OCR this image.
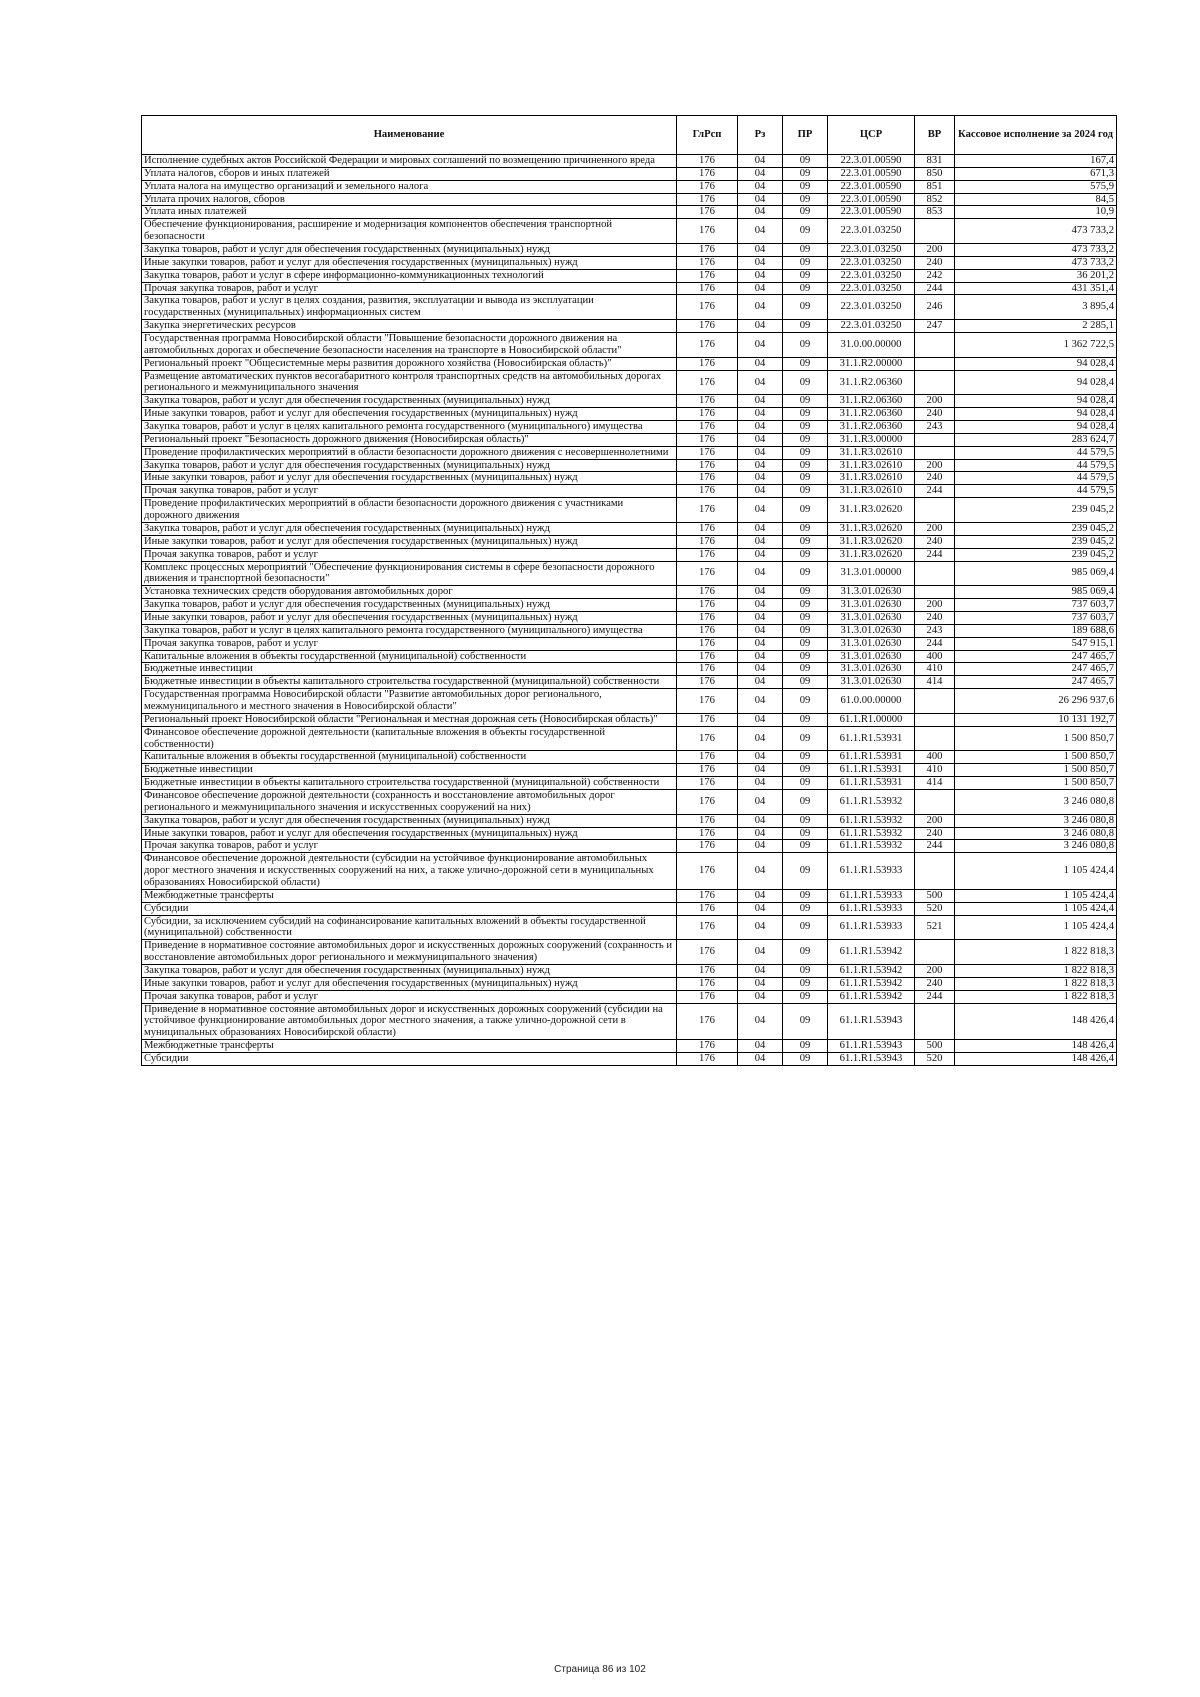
Наименование	ГлРсп	Рз	ПР	ЦСР	ВР	Кассовое исполнение за 2024 год
Исполнение судебных актов Российской Федерации и мировых соглашений по возмещению причиненного вреда	176	04	09	22.3.01.00590	831	167,4
Уплата налогов, сборов и иных платежей	176	04	09	22.3.01.00590	850	671,3
Уплата налога на имущество организаций и земельного налога	176	04	09	22.3.01.00590	851	575,9
Уплата прочих налогов, сборов	176	04	09	22.3.01.00590	852	84,5
Уплата иных платежей	176	04	09	22.3.01.00590	853	10,9
Обеспечение функционирования, расширение и модернизация компонентов обеспечения транспортной безопасности	176	04	09	22.3.01.03250		473 733,2
Закупка товаров, работ и услуг для обеспечения государственных (муниципальных) нужд	176	04	09	22.3.01.03250	200	473 733,2
Иные закупки товаров, работ и услуг для обеспечения государственных (муниципальных) нужд	176	04	09	22.3.01.03250	240	473 733,2
Закупка товаров, работ и услуг в сфере информационно-коммуникационных технологий	176	04	09	22.3.01.03250	242	36 201,2
Прочая закупка товаров, работ и услуг	176	04	09	22.3.01.03250	244	431 351,4
Закупка товаров, работ и услуг в целях создания, развития, эксплуатации и вывода из эксплуатации государственных (муниципальных) информационных систем	176	04	09	22.3.01.03250	246	3 895,4
Закупка энергетических ресурсов	176	04	09	22.3.01.03250	247	2 285,1
Государственная программа Новосибирской области "Повышение безопасности дорожного движения на автомобильных дорогах и обеспечение безопасности населения на транспорте в Новосибирской области"	176	04	09	31.0.00.00000		1 362 722,5
Региональный проект "Общесистемные меры развития дорожного хозяйства (Новосибирская область)"	176	04	09	31.1.R2.00000		94 028,4
Размещение автоматических пунктов весогабаритного контроля транспортных средств на автомобильных дорогах регионального и межмуниципального значения	176	04	09	31.1.R2.06360		94 028,4
Закупка товаров, работ и услуг для обеспечения государственных (муниципальных) нужд	176	04	09	31.1.R2.06360	200	94 028,4
Иные закупки товаров, работ и услуг для обеспечения государственных (муниципальных) нужд	176	04	09	31.1.R2.06360	240	94 028,4
Закупка товаров, работ и услуг в целях капитального ремонта государственного (муниципального) имущества	176	04	09	31.1.R2.06360	243	94 028,4
Региональный проект "Безопасность дорожного движения (Новосибирская область)"	176	04	09	31.1.R3.00000		283 624,7
Проведение профилактических мероприятий в области безопасности дорожного движения с несовершеннолетними	176	04	09	31.1.R3.02610		44 579,5
Закупка товаров, работ и услуг для обеспечения государственных (муниципальных) нужд	176	04	09	31.1.R3.02610	200	44 579,5
Иные закупки товаров, работ и услуг для обеспечения государственных (муниципальных) нужд	176	04	09	31.1.R3.02610	240	44 579,5
Прочая закупка товаров, работ и услуг	176	04	09	31.1.R3.02610	244	44 579,5
Проведение профилактических мероприятий в области безопасности дорожного движения с участниками дорожного движения	176	04	09	31.1.R3.02620		239 045,2
Закупка товаров, работ и услуг для обеспечения государственных (муниципальных) нужд	176	04	09	31.1.R3.02620	200	239 045,2
Иные закупки товаров, работ и услуг для обеспечения государственных (муниципальных) нужд	176	04	09	31.1.R3.02620	240	239 045,2
Прочая закупка товаров, работ и услуг	176	04	09	31.1.R3.02620	244	239 045,2
Комплекс процессных мероприятий "Обеспечение функционирования системы в сфере безопасности дорожного движения и транспортной безопасности"	176	04	09	31.3.01.00000		985 069,4
Установка технических средств оборудования автомобильных дорог	176	04	09	31.3.01.02630		985 069,4
Закупка товаров, работ и услуг для обеспечения государственных (муниципальных) нужд	176	04	09	31.3.01.02630	200	737 603,7
Иные закупки товаров, работ и услуг для обеспечения государственных (муниципальных) нужд	176	04	09	31.3.01.02630	240	737 603,7
Закупка товаров, работ и услуг в целях капитального ремонта государственного (муниципального) имущества	176	04	09	31.3.01.02630	243	189 688,6
Прочая закупка товаров, работ и услуг	176	04	09	31.3.01.02630	244	547 915,1
Капитальные вложения в объекты государственной (муниципальной) собственности	176	04	09	31.3.01.02630	400	247 465,7
Бюджетные инвестиции	176	04	09	31.3.01.02630	410	247 465,7
Бюджетные инвестиции в объекты капитального строительства государственной (муниципальной) собственности	176	04	09	31.3.01.02630	414	247 465,7
Государственная программа Новосибирской области "Развитие автомобильных дорог регионального, межмуниципального и местного значения в Новосибирской области"	176	04	09	61.0.00.00000		26 296 937,6
Региональный проект Новосибирской области "Региональная и местная дорожная сеть (Новосибирская область)"	176	04	09	61.1.R1.00000		10 131 192,7
Финансовое обеспечение дорожной деятельности (капитальные вложения в объекты государственной собственности)	176	04	09	61.1.R1.53931		1 500 850,7
Капитальные вложения в объекты государственной (муниципальной) собственности	176	04	09	61.1.R1.53931	400	1 500 850,7
Бюджетные инвестиции	176	04	09	61.1.R1.53931	410	1 500 850,7
Бюджетные инвестиции в объекты капитального строительства государственной (муниципальной) собственности	176	04	09	61.1.R1.53931	414	1 500 850,7
Финансовое обеспечение дорожной деятельности (сохранность и восстановление автомобильных дорог регионального и межмуниципального значения и искусственных сооружений на них)	176	04	09	61.1.R1.53932		3 246 080,8
Закупка товаров, работ и услуг для обеспечения государственных (муниципальных) нужд	176	04	09	61.1.R1.53932	200	3 246 080,8
Иные закупки товаров, работ и услуг для обеспечения государственных (муниципальных) нужд	176	04	09	61.1.R1.53932	240	3 246 080,8
Прочая закупка товаров, работ и услуг	176	04	09	61.1.R1.53932	244	3 246 080,8
Финансовое обеспечение дорожной деятельности (субсидии на устойчивое функционирование автомобильных дорог местного значения и искусственных сооружений на них, а также улично-дорожной сети в муниципальных образованиях Новосибирской области)	176	04	09	61.1.R1.53933		1 105 424,4
Межбюджетные трансферты	176	04	09	61.1.R1.53933	500	1 105 424,4
Субсидии	176	04	09	61.1.R1.53933	520	1 105 424,4
Субсидии, за исключением субсидий на софинансирование капитальных вложений в объекты государственной (муниципальной) собственности	176	04	09	61.1.R1.53933	521	1 105 424,4
Приведение в нормативное состояние автомобильных дорог и искусственных дорожных сооружений (сохранность и восстановление автомобильных дорог регионального и межмуниципального значения)	176	04	09	61.1.R1.53942		1 822 818,3
Закупка товаров, работ и услуг для обеспечения государственных (муниципальных) нужд	176	04	09	61.1.R1.53942	200	1 822 818,3
Иные закупки товаров, работ и услуг для обеспечения государственных (муниципальных) нужд	176	04	09	61.1.R1.53942	240	1 822 818,3
Прочая закупка товаров, работ и услуг	176	04	09	61.1.R1.53942	244	1 822 818,3
Приведение в нормативное состояние автомобильных дорог и искусственных дорожных сооружений (субсидии на устойчивое функционирование автомобильных дорог местного значения, а также улично-дорожной сети в муниципальных образованиях Новосибирской области)	176	04	09	61.1.R1.53943		148 426,4
Межбюджетные трансферты	176	04	09	61.1.R1.53943	500	148 426,4
Субсидии	176	04	09	61.1.R1.53943	520	148 426,4
Страница 86 из 102
